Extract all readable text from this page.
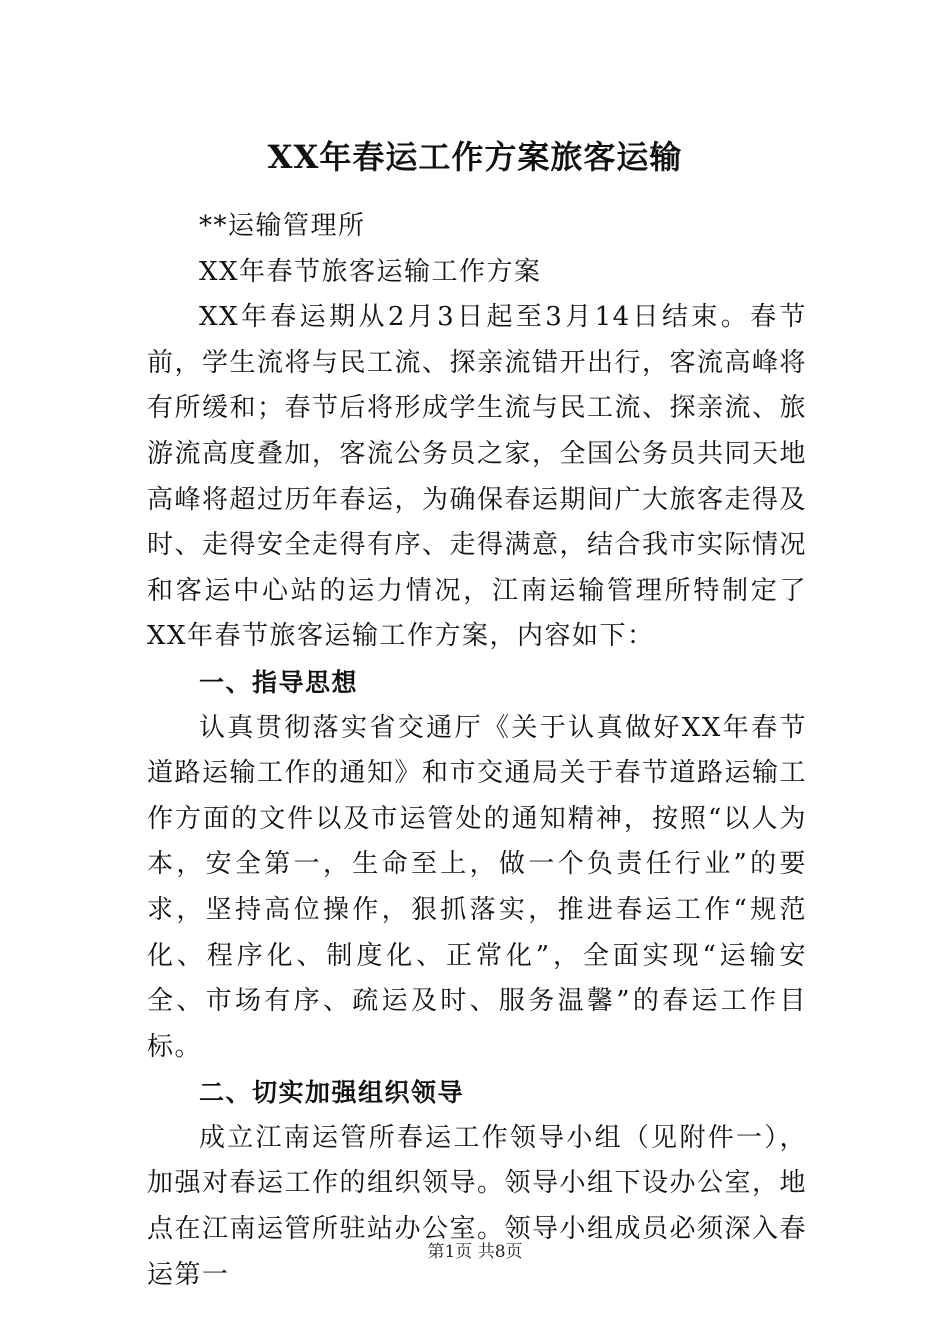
XX年春运工作方案旅客运输

**运输管理所

XX年春节旅客运输工作方案

XX年春运期从2月3日起至3月14日结束。春节前，学生流将与民工流、探亲流错开出行，客流高峰将有所缓和；春节后将形成学生流与民工流、探亲流、旅游流高度叠加，客流公务员之家，全国公务员共同天地高峰将超过历年春运，为确保春运期间广大旅客走得及时、走得安全走得有序、走得满意，结合我市实际情况和客运中心站的运力情况，江南运输管理所特制定了XX年春节旅客运输工作方案，内容如下：

一、指导思想

认真贯彻落实省交通厅《关于认真做好XX年春节道路运输工作的通知》和市交通局关于春节道路运输工作方面的文件以及市运管处的通知精神，按照“以人为本，安全第一，生命至上，做一个负责任行业”的要求，坚持高位操作，狠抓落实，推进春运工作“规范化、程序化、制度化、正常化”，全面实现“运输安全、市场有序、疏运及时、服务温馨”的春运工作目标。

二、切实加强组织领导

成立江南运管所春运工作领导小组（见附件一），加强对春运工作的组织领导。领导小组下设办公室，地点在江南运管所驻站办公室。领导小组成员必须深入春运第一

第1页 共8页
